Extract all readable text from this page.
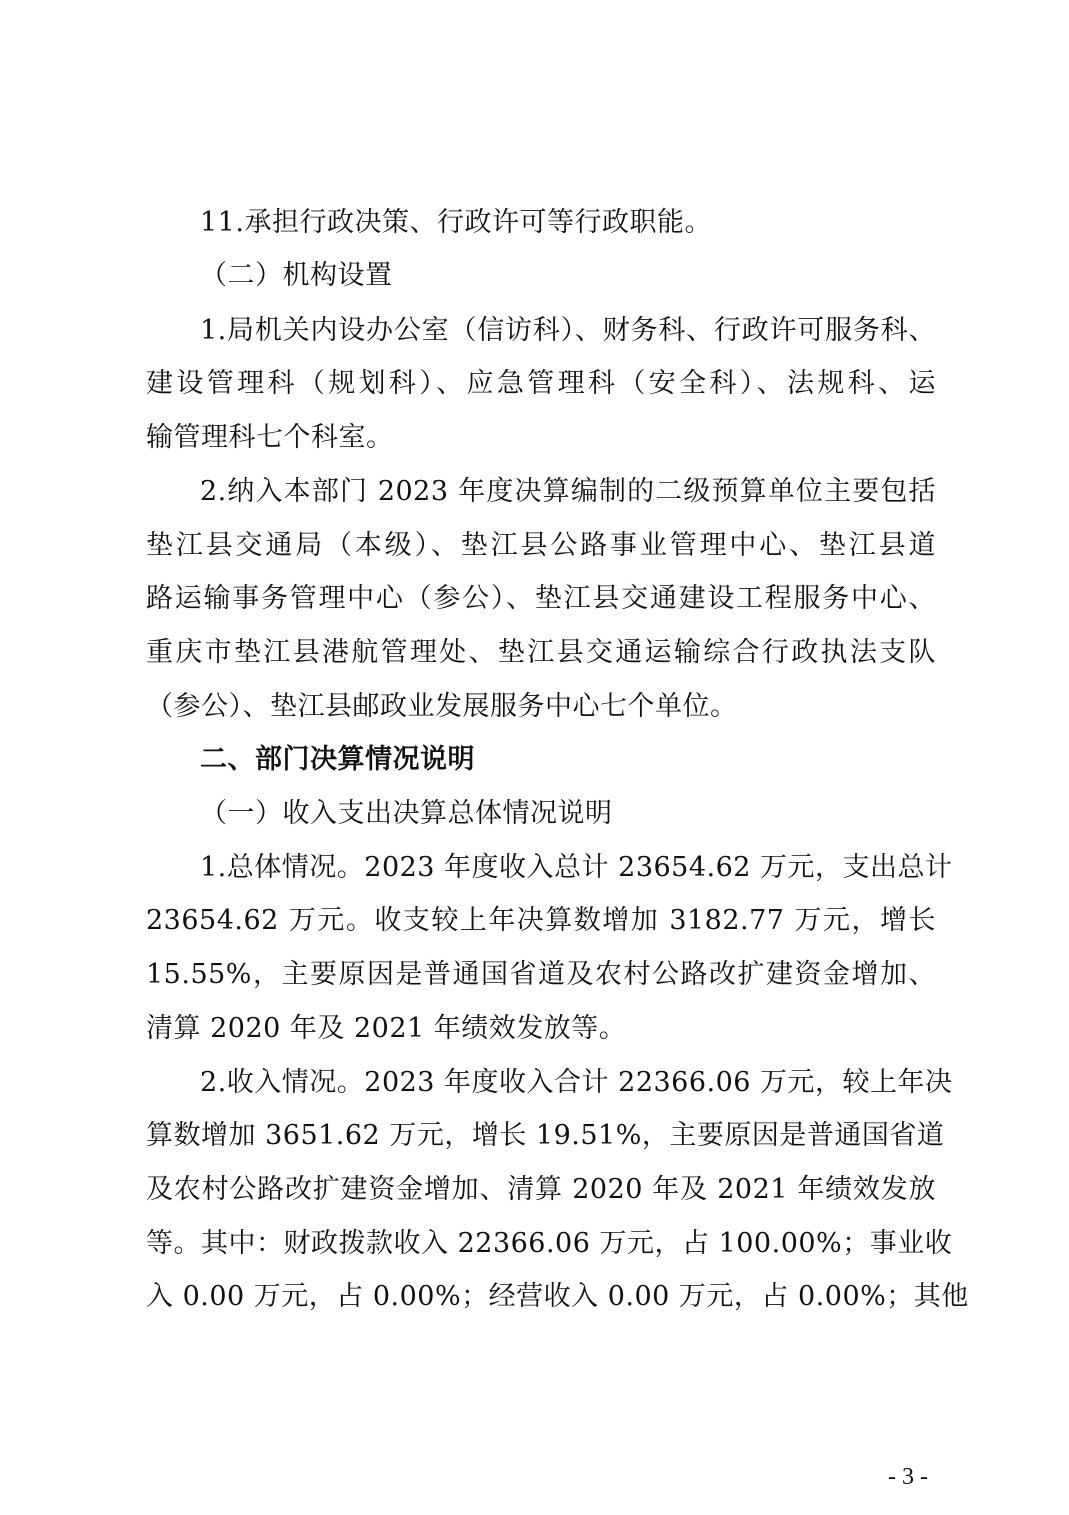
11.承担行政决策、行政许可等行政职能。
（二）机构设置
1.局机关内设办公室（信访科）、财务科、行政许可服务科、
建设管理科（规划科）、应急管理科（安全科）、法规科、运
输管理科七个科室。
2.纳入本部门 2023 年度决算编制的二级预算单位主要包括
垫江县交通局（本级）、垫江县公路事业管理中心、垫江县道
路运输事务管理中心（参公）、垫江县交通建设工程服务中心、
重庆市垫江县港航管理处、垫江县交通运输综合行政执法支队
（参公）、垫江县邮政业发展服务中心七个单位。
二、部门决算情况说明
（一）收入支出决算总体情况说明
1.总体情况。2023 年度收入总计 23654.62 万元，支出总计
23654.62 万元。收支较上年决算数增加 3182.77 万元，增长
15.55%，主要原因是普通国省道及农村公路改扩建资金增加、
清算 2020 年及 2021 年绩效发放等。
2.收入情况。2023 年度收入合计 22366.06 万元，较上年决
算数增加 3651.62 万元，增长 19.51%，主要原因是普通国省道
及农村公路改扩建资金增加、清算 2020 年及 2021 年绩效发放
等。其中：财政拨款收入 22366.06 万元，占 100.00%；事业收
入 0.00 万元，占 0.00%；经营收入 0.00 万元，占 0.00%；其他
- 3 -
